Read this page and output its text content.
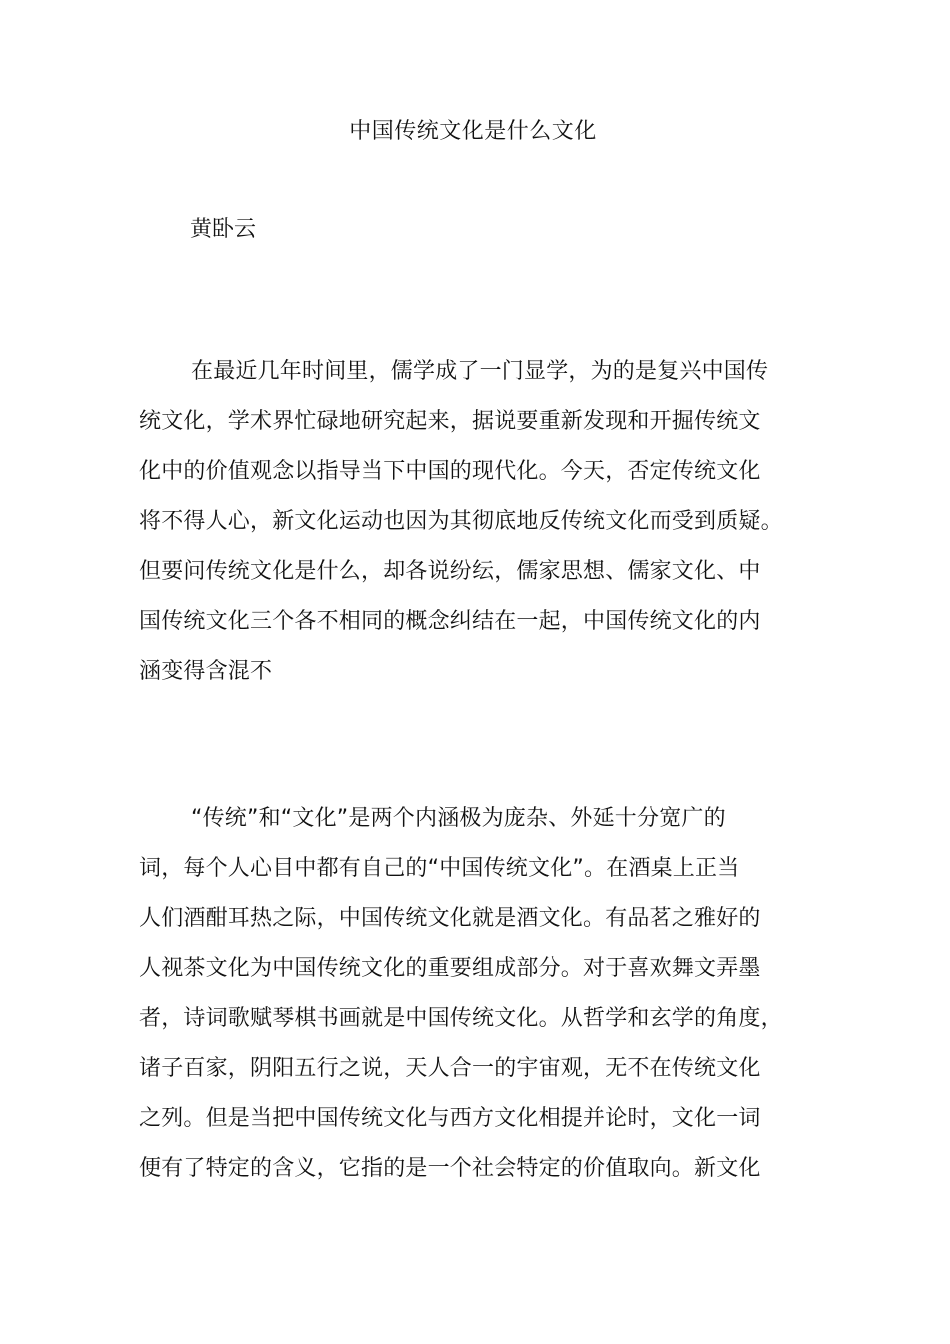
中国传统文化是什么文化

黄卧云

在最近几年时间里，儒学成了一门显学，为的是复兴中国传
统文化，学术界忙碌地研究起来，据说要重新发现和开掘传统文
化中的价值观念以指导当下中国的现代化。今天，否定传统文化
将不得人心，新文化运动也因为其彻底地反传统文化而受到质疑。
但要问传统文化是什么，却各说纷纭，儒家思想、儒家文化、中
国传统文化三个各不相同的概念纠结在一起，中国传统文化的内
涵变得含混不
“传统”和“文化”是两个内涵极为庞杂、外延十分宽广的
词，每个人心目中都有自己的“中国传统文化”。在酒桌上正当
人们酒酣耳热之际，中国传统文化就是酒文化。有品茗之雅好的
人视茶文化为中国传统文化的重要组成部分。对于喜欢舞文弄墨
者，诗词歌赋琴棋书画就是中国传统文化。从哲学和玄学的角度，
诸子百家，阴阳五行之说，天人合一的宇宙观，无不在传统文化
之列。但是当把中国传统文化与西方文化相提并论时，文化一词
便有了特定的含义，它指的是一个社会特定的价值取向。新文化
